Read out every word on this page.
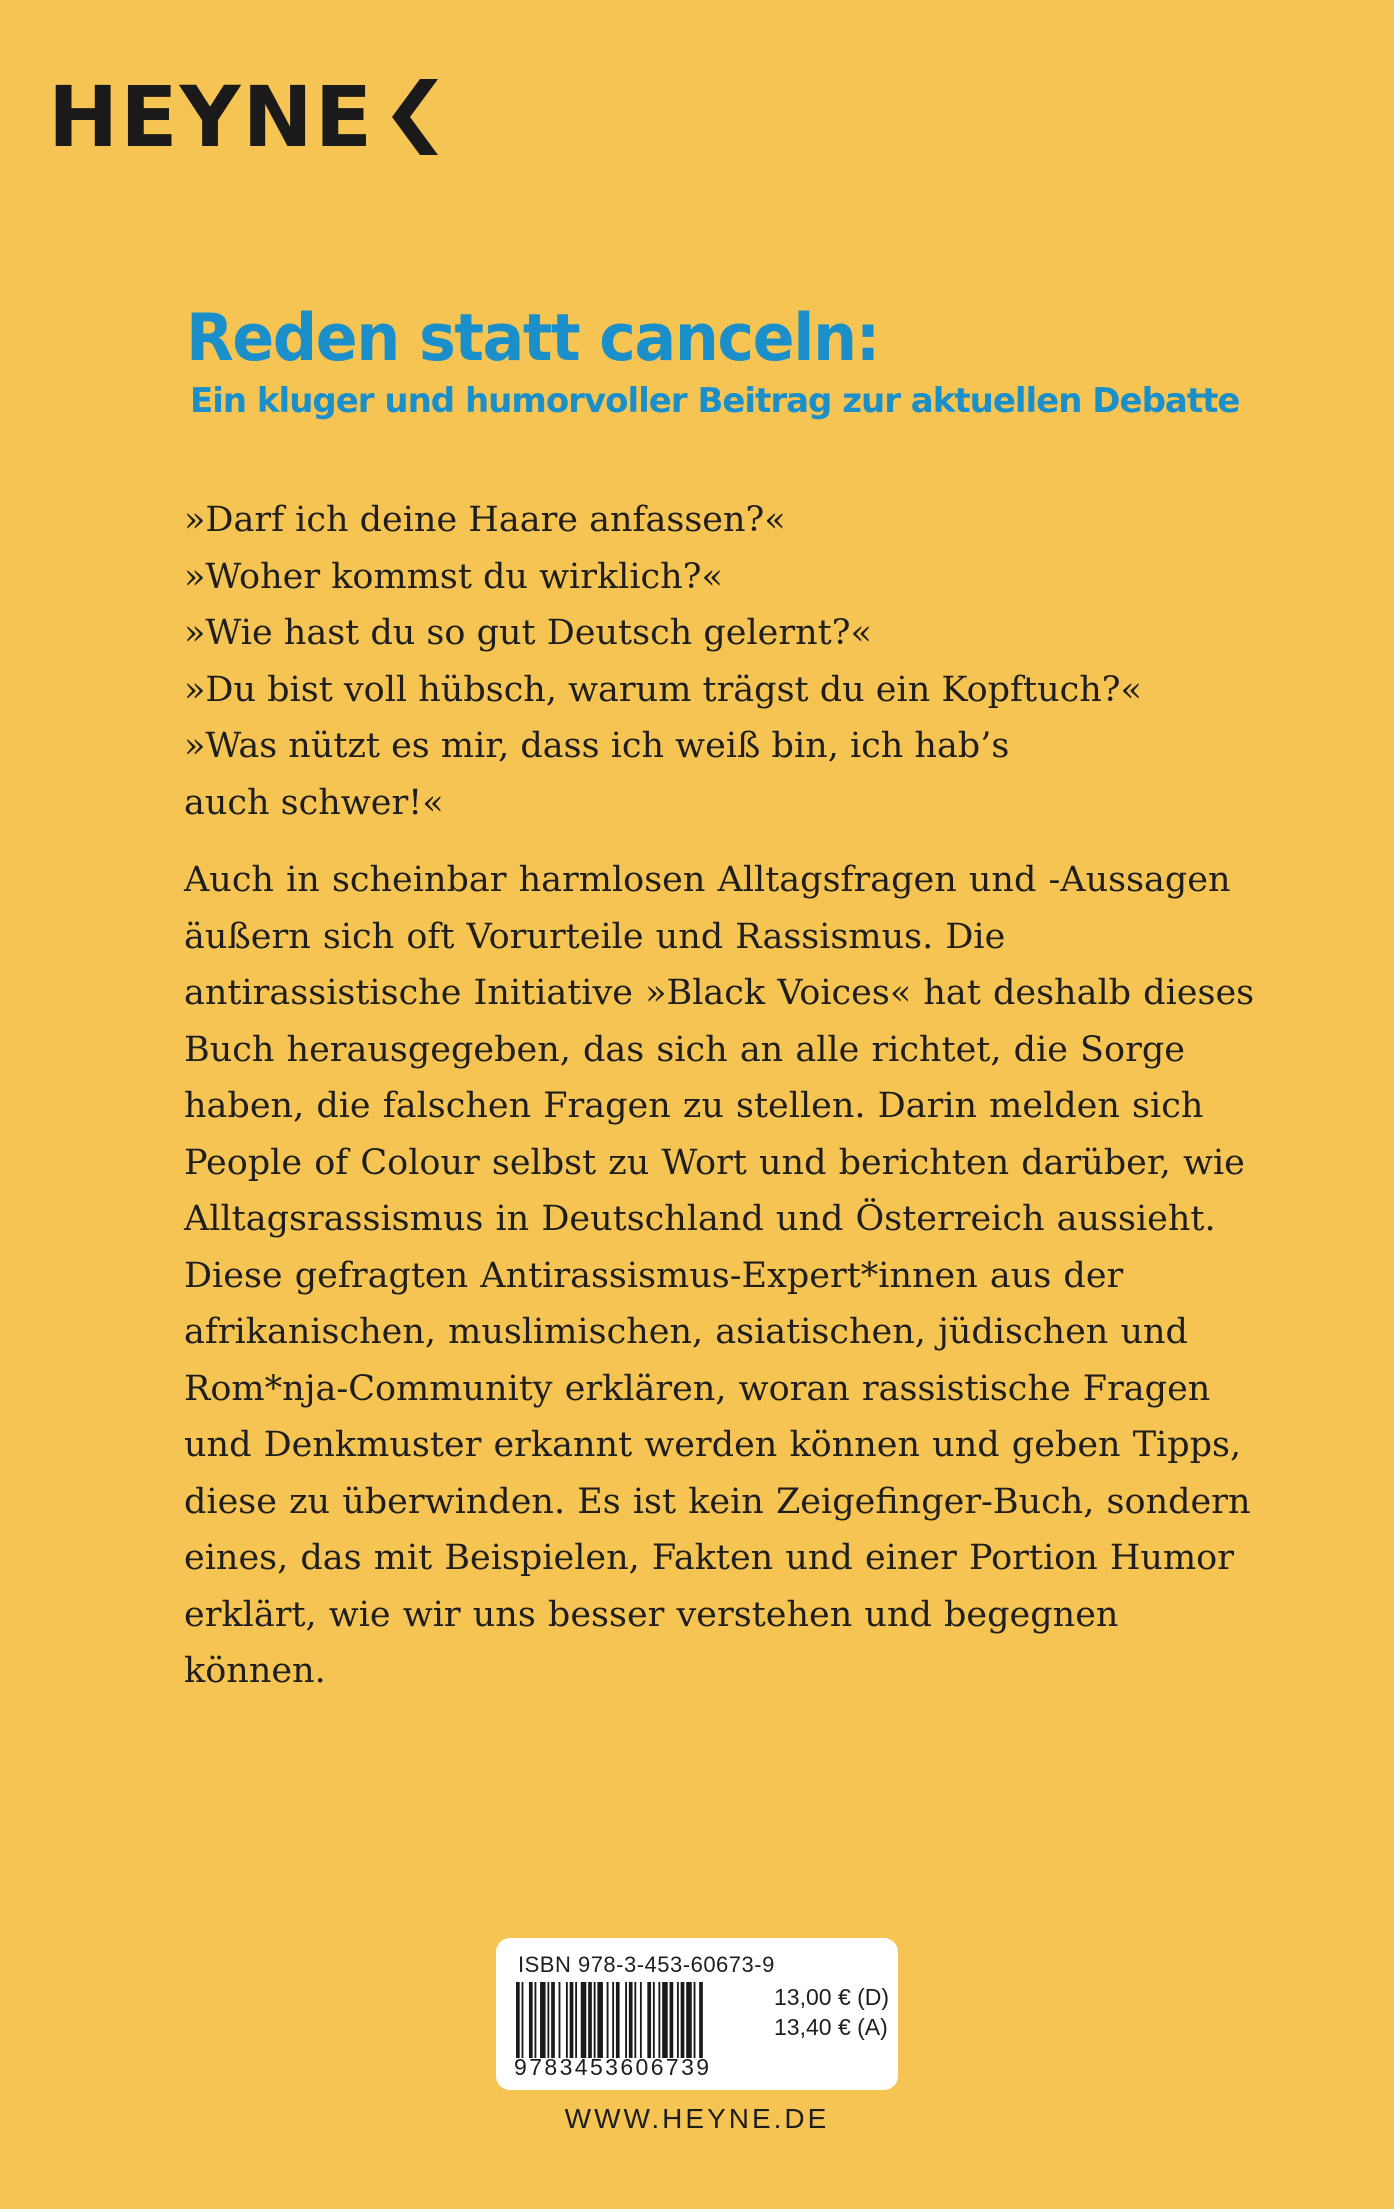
HEYNE
Reden statt canceln:
Ein kluger und humorvoller Beitrag zur aktuellen Debatte
»Darf ich deine Haare anfassen?«
»Woher kommst du wirklich?«
»Wie hast du so gut Deutsch gelernt?«
»Du bist voll hübsch, warum trägst du ein Kopftuch?«
»Was nützt es mir, dass ich weiß bin, ich hab’s
auch schwer!«

Auch in scheinbar harmlosen Alltagsfragen und -Aussagen äußern sich oft Vorurteile und Rassismus. Die antirassistische Initiative »Black Voices« hat deshalb dieses Buch herausgegeben, das sich an alle richtet, die Sorge haben, die falschen Fragen zu stellen. Darin melden sich People of Colour selbst zu Wort und berichten darüber, wie Alltagsrassismus in Deutschland und Österreich aussieht. Diese gefragten Antirassismus-Expert*innen aus der afrikanischen, muslimischen, asiatischen, jüdischen und Rom*nja-Community erklären, woran rassistische Fragen und Denkmuster erkannt werden können und geben Tipps, diese zu überwinden. Es ist kein Zeigefinger-Buch, sondern eines, das mit Beispielen, Fakten und einer Portion Humor erklärt, wie wir uns besser verstehen und begegnen können.

ISBN 978-3-453-60673-9
9783453606739
13,00 € (D)
13,40 € (A)
WWW.HEYNE.DE
